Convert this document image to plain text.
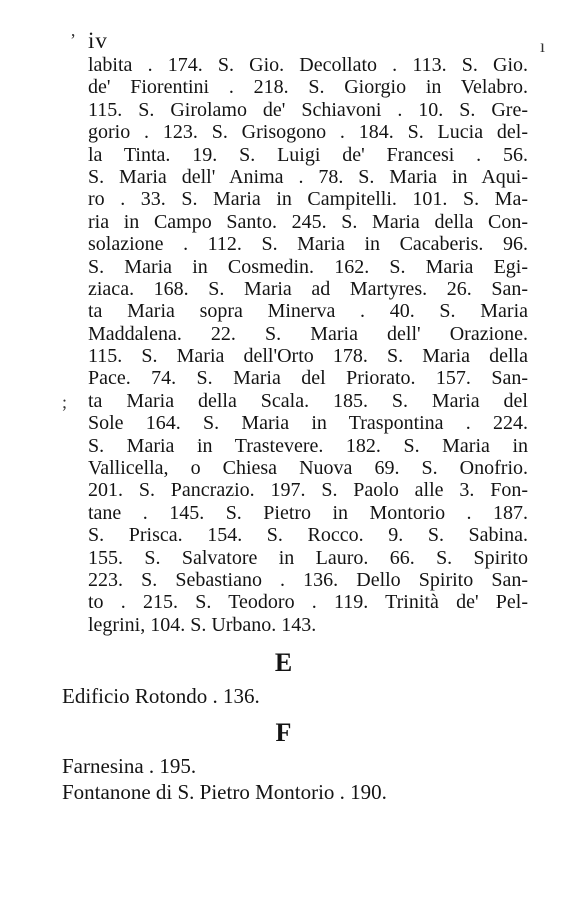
ʼ	ı
;
iv
labita . 174. S. Gio. Decollato . 113. S. Gio.
de' Fiorentini . 218. S. Giorgio in Velabro.
115. S. Girolamo de' Schiavoni . 10. S. Gre-
gorio . 123. S. Grisogono . 184. S. Lucia del-
la Tinta. 19. S. Luigi de' Francesi . 56.
S. Maria dell' Anima . 78. S. Maria in Aqui-
ro . 33. S. Maria in Campitelli. 101. S. Ma-
ria in Campo Santo. 245. S. Maria della Con-
solazione . 112. S. Maria in Cacaberis. 96.
S. Maria in Cosmedin. 162. S. Maria Egi-
ziaca. 168. S. Maria ad Martyres. 26. San-
ta Maria sopra Minerva . 40. S. Maria
Maddalena. 22. S. Maria dell' Orazione.
115. S. Maria dell'Orto 178. S. Maria della
Pace. 74. S. Maria del Priorato. 157. San-
ta Maria della Scala. 185. S. Maria del
Sole 164. S. Maria in Traspontina . 224.
S. Maria in Trastevere. 182. S. Maria in
Vallicella, o Chiesa Nuova 69. S. Onofrio.
201. S. Pancrazio. 197. S. Paolo alle 3. Fon-
tane . 145. S. Pietro in Montorio . 187.
S. Prisca. 154. S. Rocco. 9. S. Sabina.
155. S. Salvatore in Lauro. 66. S. Spirito
223. S. Sebastiano . 136. Dello Spirito San-
to . 215. S. Teodoro . 119. Trinità de' Pel-
legrini, 104. S. Urbano. 143.
E
Edificio Rotondo . 136.
F
Farnesina . 195.
Fontanone di S. Pietro Montorio . 190.
